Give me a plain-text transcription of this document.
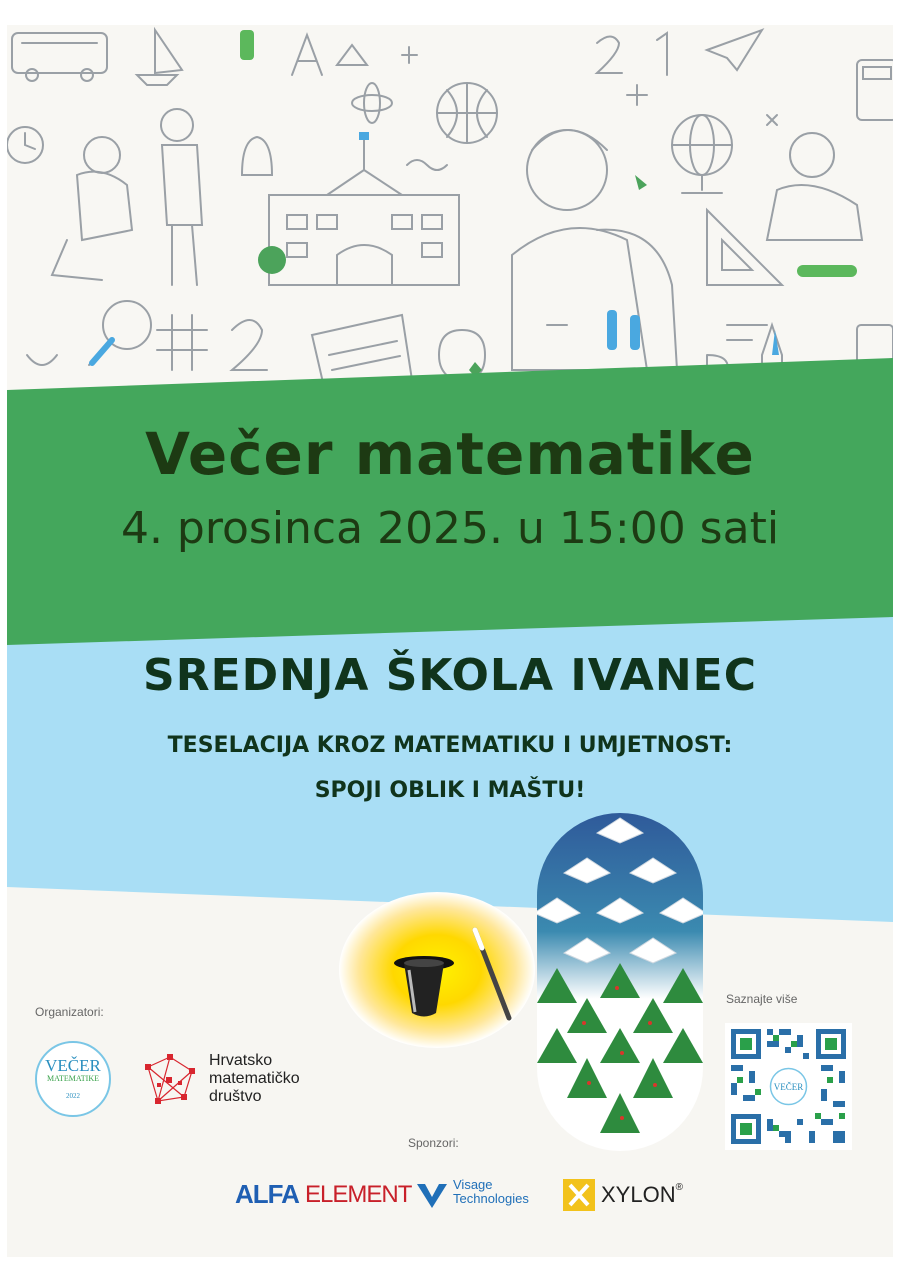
Večer matematike
4. prosinca 2025. u 15:00 sati
SREDNJA ŠKOLA IVANEC
TESELACIJA KROZ MATEMATIKU I UMJETNOST:
SPOJI OBLIK I MAŠTU!
Organizatori:
VEČER
MATEMATIKE
2022
Hrvatsko
matematičko
društvo
Saznajte više
VEČER
Sponzori:
ALFA ELEMENT	Visage
Technologies	XYLON®
